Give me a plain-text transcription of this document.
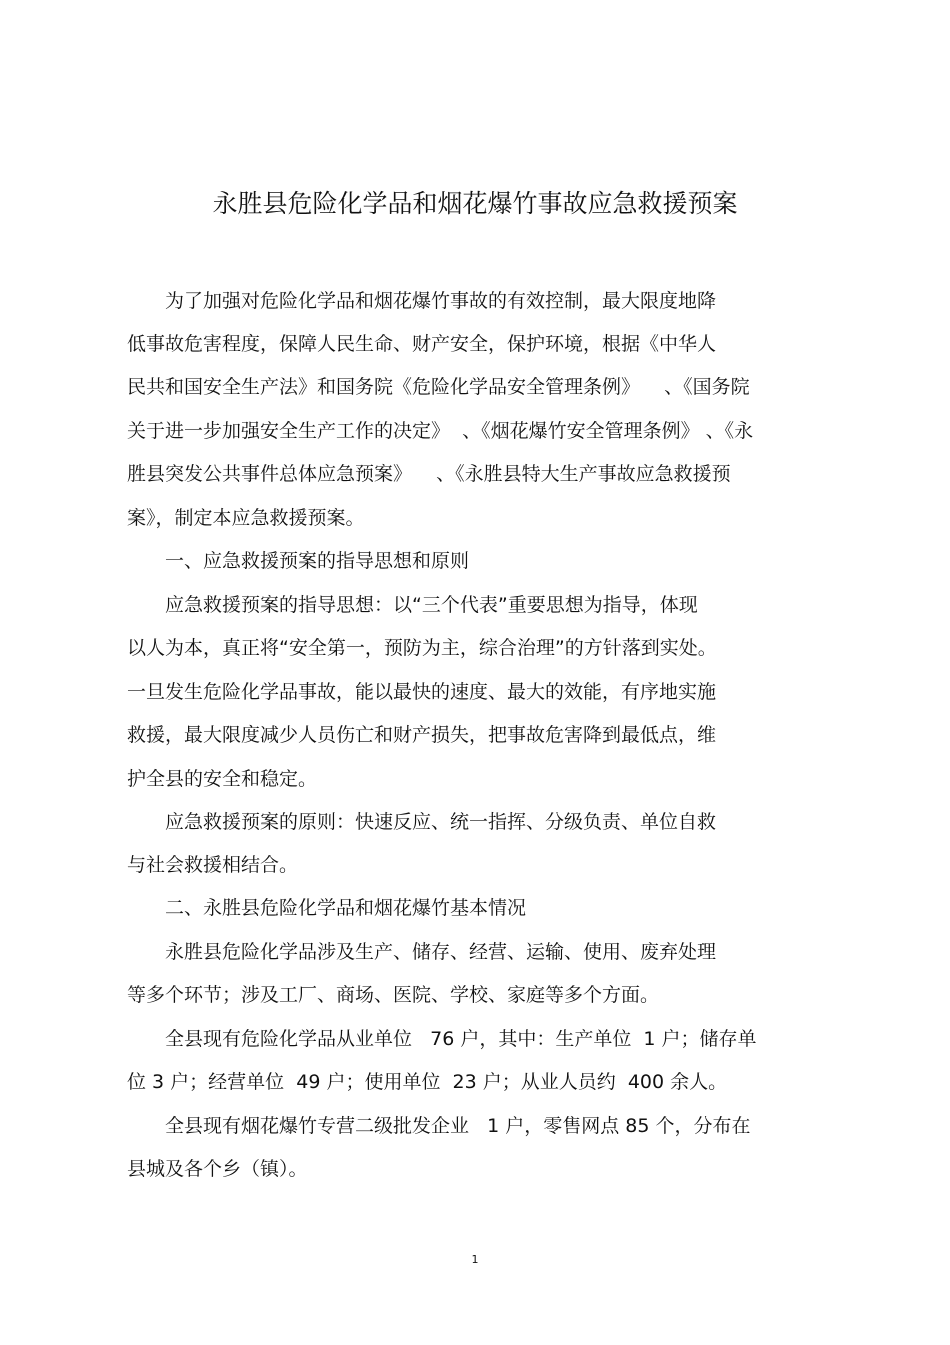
永胜县危险化学品和烟花爆竹事故应急救援预案
为了加强对危险化学品和烟花爆竹事故的有效控制，最大限度地降
低事故危害程度，保障人民生命、财产安全，保护环境，根据《中华人
民共和国安全生产法》和国务院《危险化学品安全管理条例》    、《国务院
关于进一步加强安全生产工作的决定》  、《烟花爆竹安全管理条例》 、《永
胜县突发公共事件总体应急预案》    、《永胜县特大生产事故应急救援预
案》，制定本应急救援预案。
一、应急救援预案的指导思想和原则
应急救援预案的指导思想：以“三个代表”重要思想为指导，体现
以人为本，真正将“安全第一，预防为主，综合治理”的方针落到实处。
一旦发生危险化学品事故，能以最快的速度、最大的效能，有序地实施
救援，最大限度减少人员伤亡和财产损失，把事故危害降到最低点，维
护全县的安全和稳定。
应急救援预案的原则：快速反应、统一指挥、分级负责、单位自救
与社会救援相结合。
二、永胜县危险化学品和烟花爆竹基本情况
永胜县危险化学品涉及生产、储存、经营、运输、使用、废弃处理
等多个环节；涉及工厂、商场、医院、学校、家庭等多个方面。
全县现有危险化学品从业单位   76 户，其中：生产单位  1 户；储存单
位 3 户；经营单位  49 户；使用单位  23 户；从业人员约  400 余人。
全县现有烟花爆竹专营二级批发企业   1 户，零售网点 85 个，分布在
县城及各个乡（镇）。
1
